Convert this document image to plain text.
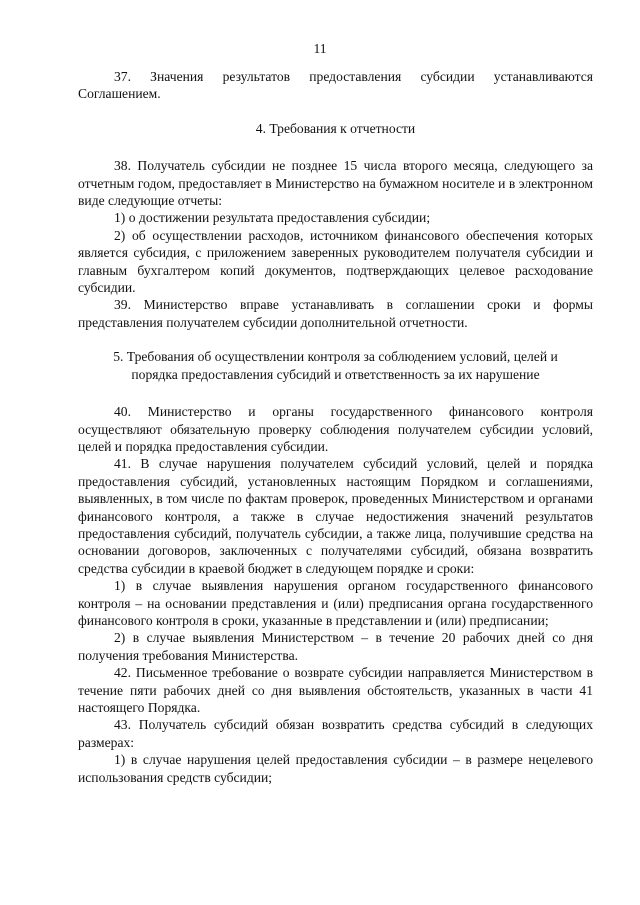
11

37. Значения результатов предоставления субсидии устанавливаются Соглашением.

4. Требования к отчетности

38. Получатель субсидии не позднее 15 числа второго месяца, следующего за отчетным годом, предоставляет в Министерство на бумажном носителе и в электронном виде следующие отчеты:

1) о достижении результата предоставления субсидии;

2) об осуществлении расходов, источником финансового обеспечения которых является субсидия, с приложением заверенных руководителем получателя субсидии и главным бухгалтером копий документов, подтверждающих целевое расходование субсидии.

39. Министерство вправе устанавливать в соглашении сроки и формы представления получателем субсидии дополнительной отчетности.

5. Требования об осуществлении контроля за соблюдением условий, целей и

порядка предоставления субсидий и ответственность за их нарушение

40. Министерство и органы государственного финансового контроля осуществляют обязательную проверку соблюдения получателем субсидии условий, целей и порядка предоставления субсидии.

41. В случае нарушения получателем субсидий условий, целей и порядка предоставления субсидий, установленных настоящим Порядком и соглашениями, выявленных, в том числе по фактам проверок, проведенных Министерством и органами финансового контроля, а также в случае недостижения значений результатов предоставления субсидий, получатель субсидии, а также лица, получившие средства на основании договоров, заключенных с получателями субсидий, обязана возвратить средства субсидии в краевой бюджет в следующем порядке и сроки:

1) в случае выявления нарушения органом государственного финансового контроля – на основании представления и (или) предписания органа государственного финансового контроля в сроки, указанные в представлении и (или) предписании;

2) в случае выявления Министерством – в течение 20 рабочих дней со дня получения требования Министерства.

42. Письменное требование о возврате субсидии направляется Министерством в течение пяти рабочих дней со дня выявления обстоятельств, указанных в части 41 настоящего Порядка.

43. Получатель субсидий обязан возвратить средства субсидий в следующих размерах:

1) в случае нарушения целей предоставления субсидии – в размере нецелевого использования средств субсидии;
